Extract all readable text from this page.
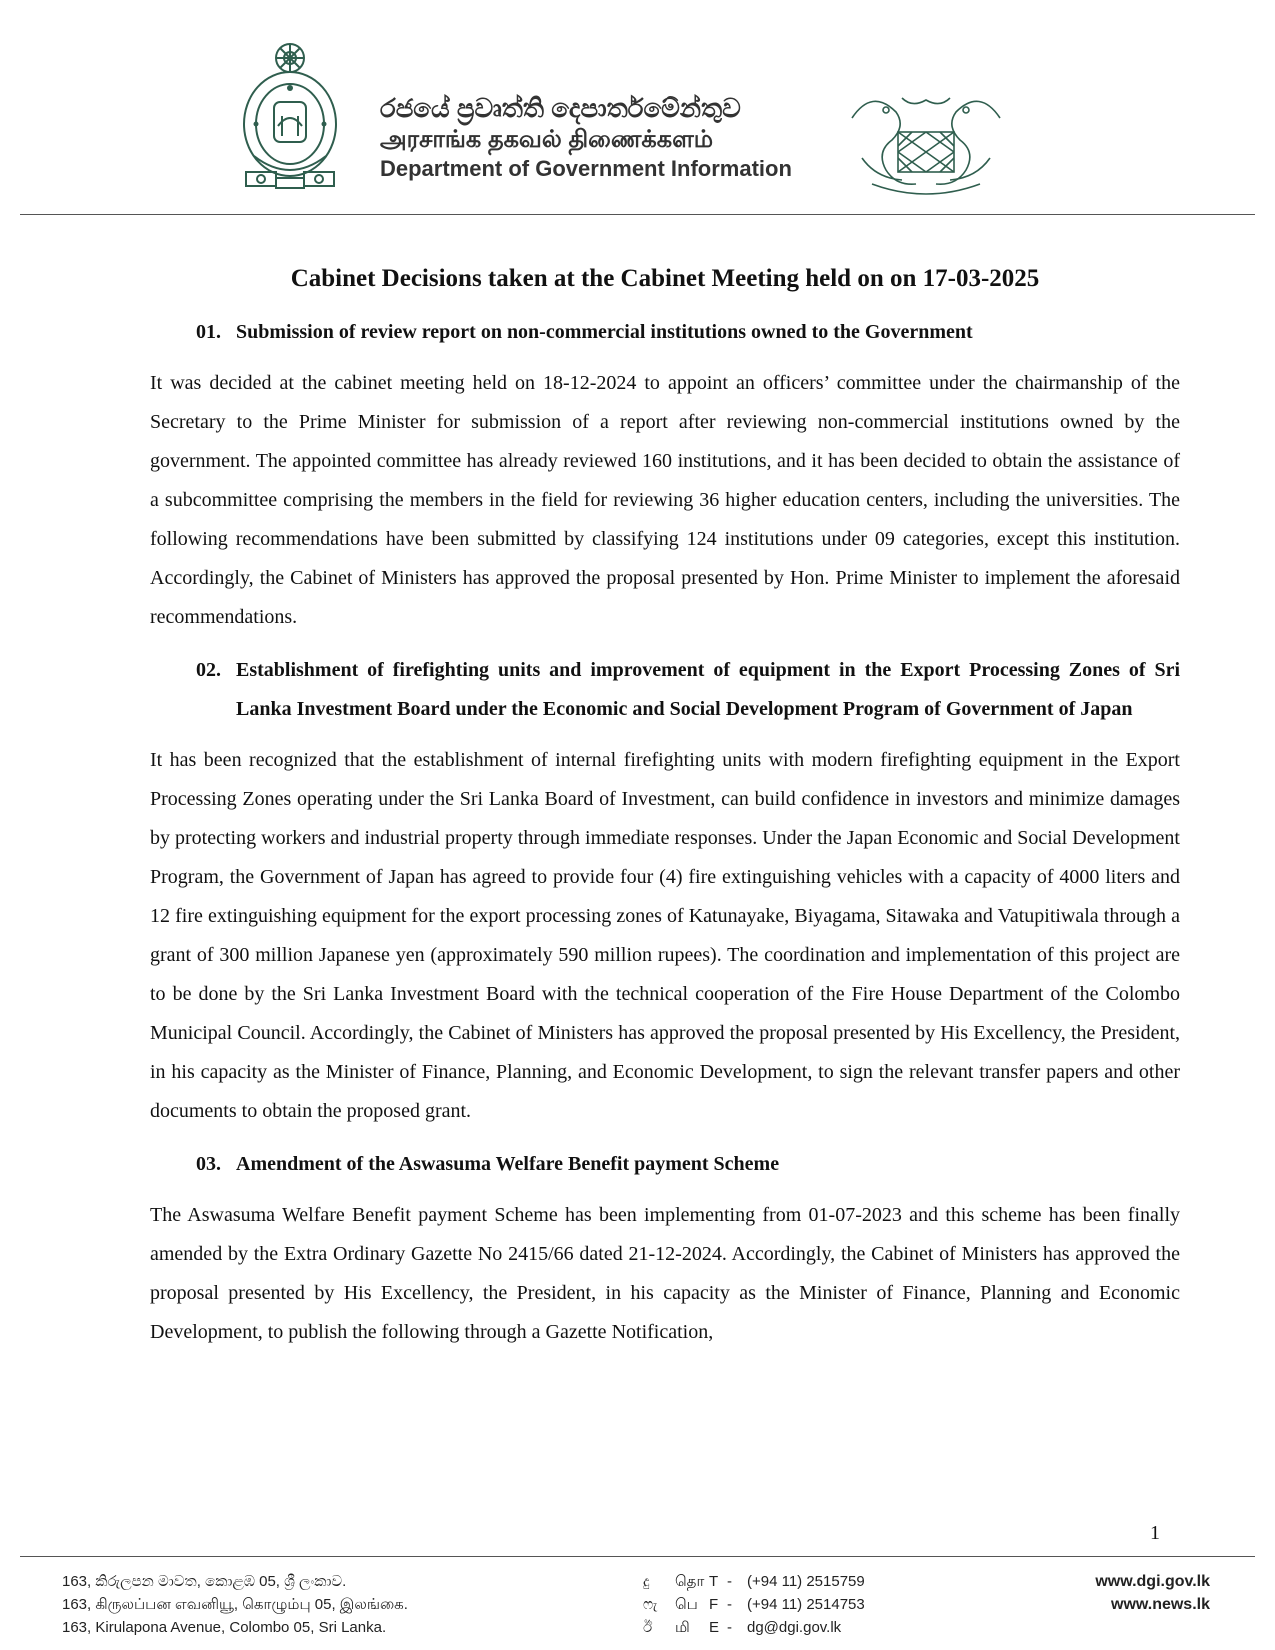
රජයේ ප්‍රවෘත්ති දෙපාර්තමේන්තුව
அரசாங்க தகவல் திணைக்களம்
Department of Government Information
Cabinet Decisions taken at the Cabinet Meeting held on on 17-03-2025
01. Submission of review report on non-commercial institutions owned to the Government

It was decided at the cabinet meeting held on 18-12-2024 to appoint an officers’ committee under the chairmanship of the Secretary to the Prime Minister for submission of a report after reviewing non-commercial institutions owned by the government. The appointed committee has already reviewed 160 institutions, and it has been decided to obtain the assistance of a subcommittee comprising the members in the field for reviewing 36 higher education centers, including the universities. The following recommendations have been submitted by classifying 124 institutions under 09 categories, except this institution. Accordingly, the Cabinet of Ministers has approved the proposal presented by Hon. Prime Minister to implement the aforesaid recommendations.

02. Establishment of firefighting units and improvement of equipment in the Export Processing Zones of Sri Lanka Investment Board under the Economic and Social Development Program of Government of Japan

It has been recognized that the establishment of internal firefighting units with modern firefighting equipment in the Export Processing Zones operating under the Sri Lanka Board of Investment, can build confidence in investors and minimize damages by protecting workers and industrial property through immediate responses. Under the Japan Economic and Social Development Program, the Government of Japan has agreed to provide four (4) fire extinguishing vehicles with a capacity of 4000 liters and 12 fire extinguishing equipment for the export processing zones of Katunayake, Biyagama, Sitawaka and Vatupitiwala through a grant of 300 million Japanese yen (approximately 590 million rupees). The coordination and implementation of this project are to be done by the Sri Lanka Investment Board with the technical cooperation of the Fire House Department of the Colombo Municipal Council. Accordingly, the Cabinet of Ministers has approved the proposal presented by His Excellency, the President, in his capacity as the Minister of Finance, Planning, and Economic Development, to sign the relevant transfer papers and other documents to obtain the proposed grant.

03. Amendment of the Aswasuma Welfare Benefit payment Scheme

The Aswasuma Welfare Benefit payment Scheme has been implementing from 01-07-2023 and this scheme has been finally amended by the Extra Ordinary Gazette No 2415/66 dated 21-12-2024. Accordingly, the Cabinet of Ministers has approved the proposal presented by His Excellency, the President, in his capacity as the Minister of Finance, Planning and Economic Development, to publish the following through a Gazette Notification,

1
163, කිරුලපන මාවත, කොළඹ 05, ශ්‍රී ලංකාව.
163, கிருலப்பன எவனியூ, கொழும்பு 05, இலங்கை.
163, Kirulapona Avenue, Colombo 05, Sri Lanka.
දු தொ T - (+94 11) 2515759
ෆැ பெ F - (+94 11) 2514753
ඊ மி E - dg@dgi.gov.lk
www.dgi.gov.lk
www.news.lk
